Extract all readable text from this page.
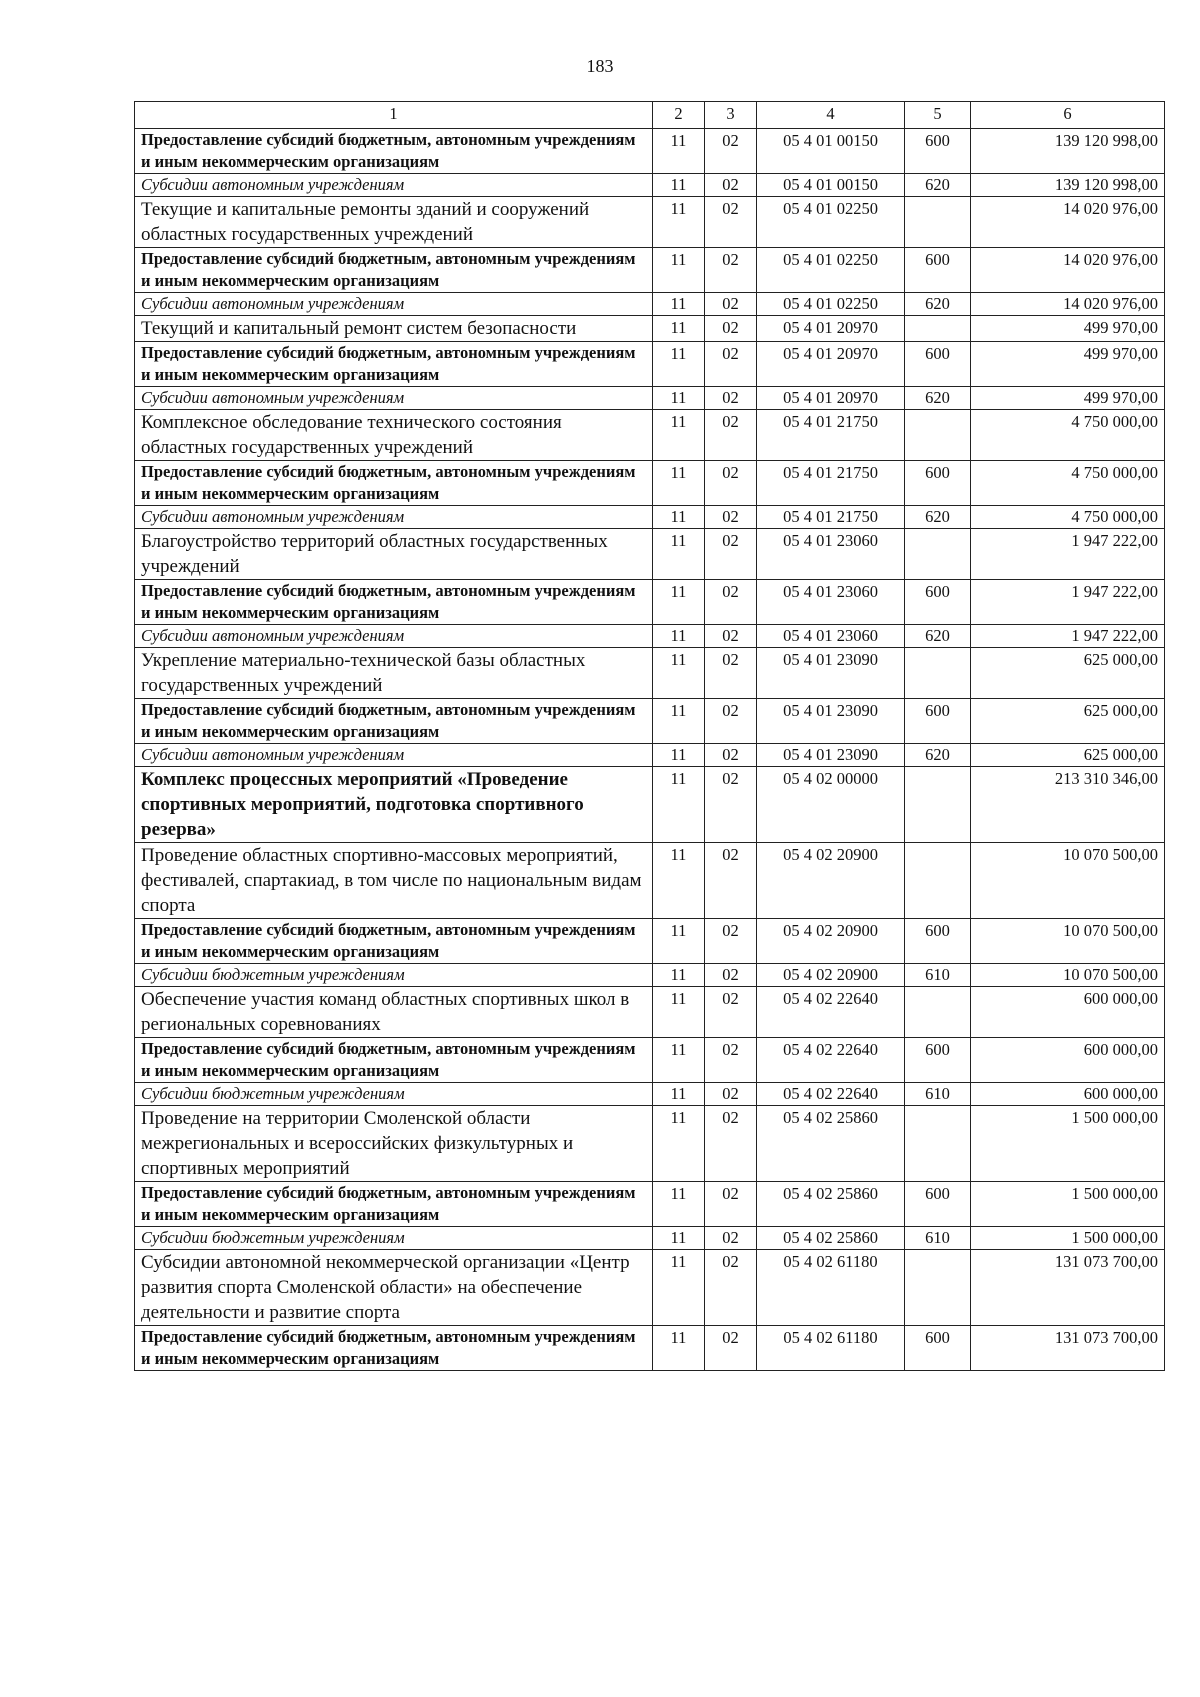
183
1	2	3	4	5	6
Предоставление субсидий бюджетным, автономным учреждениям и иным некоммерческим организациям	11	02	05 4 01 00150	600	139 120 998,00
Субсидии автономным учреждениям	11	02	05 4 01 00150	620	139 120 998,00
Текущие и капитальные ремонты зданий и сооружений областных государственных учреждений	11	02	05 4 01 02250		14 020 976,00
Предоставление субсидий бюджетным, автономным учреждениям и иным некоммерческим организациям	11	02	05 4 01 02250	600	14 020 976,00
Субсидии автономным учреждениям	11	02	05 4 01 02250	620	14 020 976,00
Текущий и капитальный ремонт систем безопасности	11	02	05 4 01 20970		499 970,00
Предоставление субсидий бюджетным, автономным учреждениям и иным некоммерческим организациям	11	02	05 4 01 20970	600	499 970,00
Субсидии автономным учреждениям	11	02	05 4 01 20970	620	499 970,00
Комплексное обследование технического состояния областных государственных учреждений	11	02	05 4 01 21750		4 750 000,00
Предоставление субсидий бюджетным, автономным учреждениям и иным некоммерческим организациям	11	02	05 4 01 21750	600	4 750 000,00
Субсидии автономным учреждениям	11	02	05 4 01 21750	620	4 750 000,00
Благоустройство территорий областных государственных учреждений	11	02	05 4 01 23060		1 947 222,00
Предоставление субсидий бюджетным, автономным учреждениям и иным некоммерческим организациям	11	02	05 4 01 23060	600	1 947 222,00
Субсидии автономным учреждениям	11	02	05 4 01 23060	620	1 947 222,00
Укрепление материально-технической базы областных государственных учреждений	11	02	05 4 01 23090		625 000,00
Предоставление субсидий бюджетным, автономным учреждениям и иным некоммерческим организациям	11	02	05 4 01 23090	600	625 000,00
Субсидии автономным учреждениям	11	02	05 4 01 23090	620	625 000,00
Комплекс процессных мероприятий «Проведение спортивных мероприятий, подготовка спортивного резерва»	11	02	05 4 02 00000		213 310 346,00
Проведение областных спортивно-массовых мероприятий, фестивалей, спартакиад, в том числе по национальным видам спорта	11	02	05 4 02 20900		10 070 500,00
Предоставление субсидий бюджетным, автономным учреждениям и иным некоммерческим организациям	11	02	05 4 02 20900	600	10 070 500,00
Субсидии бюджетным учреждениям	11	02	05 4 02 20900	610	10 070 500,00
Обеспечение участия команд областных спортивных школ в региональных соревнованиях	11	02	05 4 02 22640		600 000,00
Предоставление субсидий бюджетным, автономным учреждениям и иным некоммерческим организациям	11	02	05 4 02 22640	600	600 000,00
Субсидии бюджетным учреждениям	11	02	05 4 02 22640	610	600 000,00
Проведение на территории Смоленской области межрегиональных и всероссийских физкультурных и спортивных мероприятий	11	02	05 4 02 25860		1 500 000,00
Предоставление субсидий бюджетным, автономным учреждениям и иным некоммерческим организациям	11	02	05 4 02 25860	600	1 500 000,00
Субсидии бюджетным учреждениям	11	02	05 4 02 25860	610	1 500 000,00
Субсидии автономной некоммерческой организации «Центр развития спорта Смоленской области» на обеспечение деятельности и развитие спорта	11	02	05 4 02 61180		131 073 700,00
Предоставление субсидий бюджетным, автономным учреждениям и иным некоммерческим организациям	11	02	05 4 02 61180	600	131 073 700,00
